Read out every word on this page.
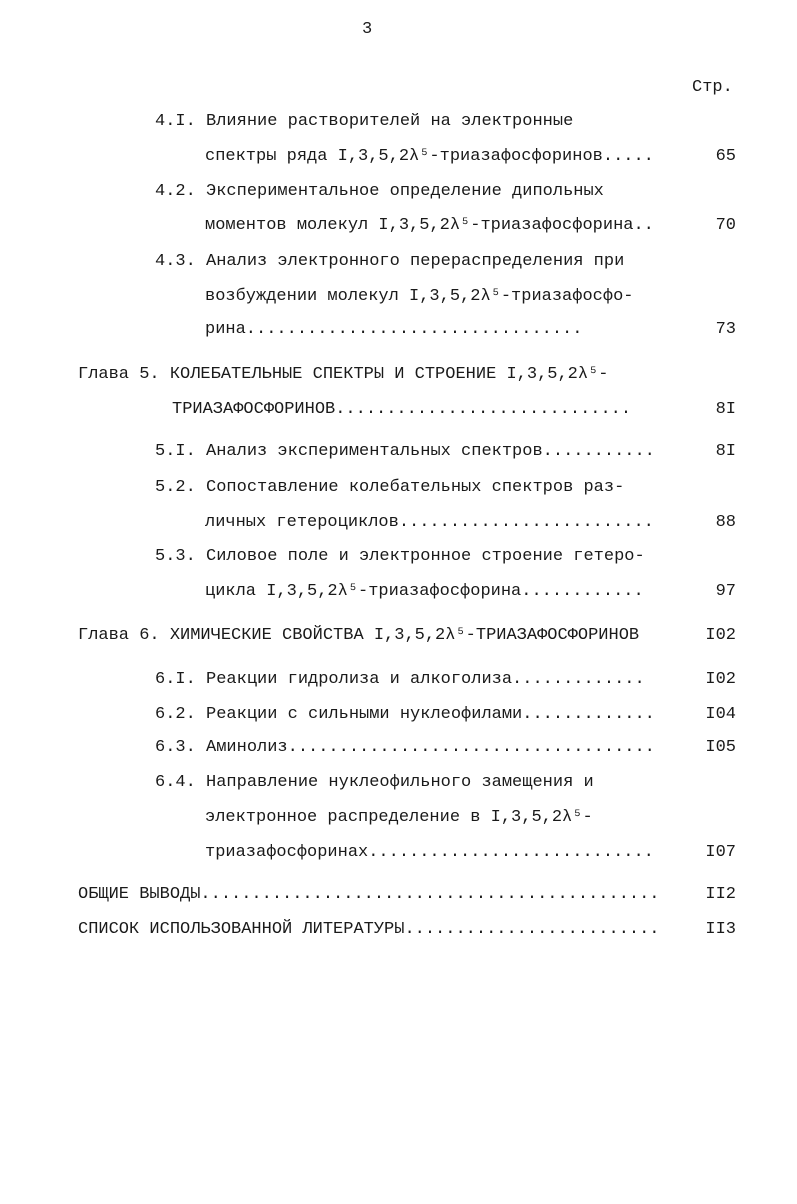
3
Стр.
4.I. Влияние растворителей на электронные
спектры ряда I,3,5,2λ⁵-триазафосфоринов.....	65
4.2. Экспериментальное определение дипольных
моментов молекул I,3,5,2λ⁵-триазафосфорина..	70
4.3. Анализ электронного перераспределения при
возбуждении молекул I,3,5,2λ⁵-триазафосфо-
рина.................................	73
Глава 5. КОЛЕБАТЕЛЬНЫЕ СПЕКТРЫ И СТРОЕНИЕ I,3,5,2λ⁵-
ТРИАЗАФОСФОРИНОВ.............................	8I
5.I. Анализ экспериментальных спектров...........	8I
5.2. Сопоставление колебательных спектров раз-
личных гетероциклов.........................	88
5.3. Силовое поле и электронное строение гетеро-
цикла I,3,5,2λ⁵-триазафосфорина............	97
Глава 6. ХИМИЧЕСКИЕ СВОЙСТВА I,3,5,2λ⁵-ТРИАЗАФОСФОРИНОВ	I02
6.I. Реакции гидролиза и алкоголиза.............	I02
6.2. Реакции с сильными нуклеофилами.............	I04
6.3. Аминолиз....................................	I05
6.4. Направление нуклеофильного замещения и
электронное распределение в I,3,5,2λ⁵-
триазафосфоринах............................	I07
ОБЩИЕ ВЫВОДЫ.............................................	II2
СПИСОК ИСПОЛЬЗОВАННОЙ ЛИТЕРАТУРЫ.........................	II3
